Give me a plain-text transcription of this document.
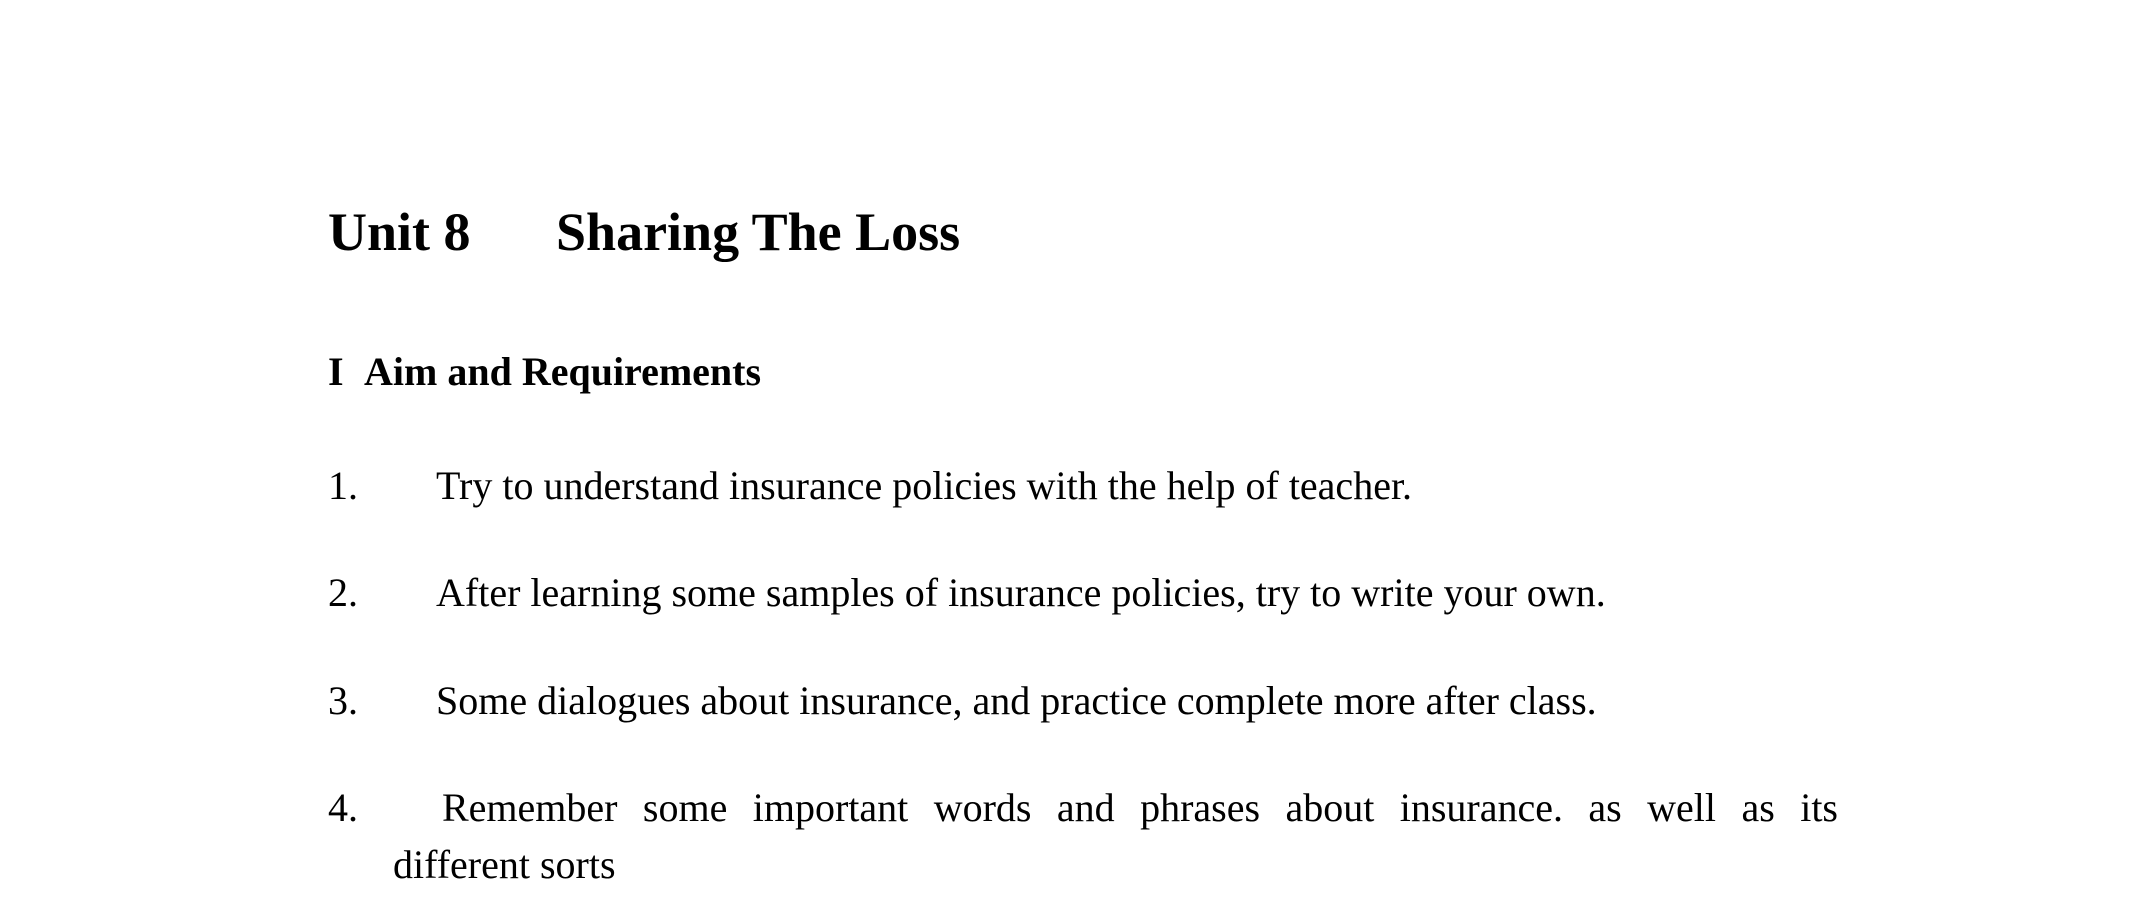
Unit 8 Sharing The Loss
I Aim and Requirements

1. Try to understand insurance policies with the help of teacher.

2. After learning some samples of insurance policies, try to write your own.

3. Some dialogues about insurance, and practice complete more after class.

4. Remember some important words and phrases about insurance. as well as its

different sorts
